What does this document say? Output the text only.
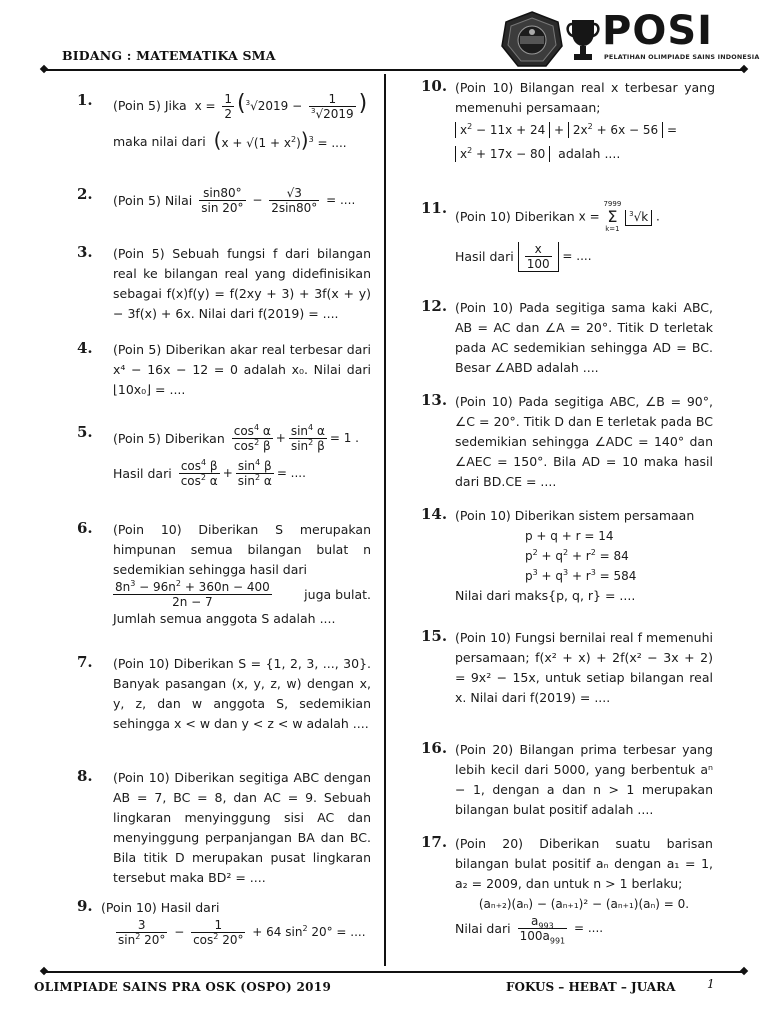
BIDANG : MATEMATIKA SMA
POSI
PELATIHAN OLIMPIADE SAINS INDONESIA
1. (Poin 5)
Jika
$x = \frac{1}{2} (^3√2019 - \frac{1}{^3√2019}$ )
maka nilai dari
$(x + √(1 + x^2))^3$ = ....
2. (Poin 5)
Nilai
$\frac{\sin 80^\circ}{\sin 20^\circ} - \frac{√3}{2\sin 80^\circ}$ = ....
3. (Poin 5) Sebuah fungsi f dari bilangan real ke bilangan real yang didefinisikan sebagai f(x)f(y) = f(2xy + 3) + 3f(x + y) − 3f(x) + 6x. Nilai dari f(2019) = ....
4. (Poin 5) Diberikan akar real terbesar dari x⁴ − 16x − 12 = 0 adalah x₀. Nilai dari ⌊10x₀⌋ = ....
5. (Poin 5)
Diberikan
$\frac{\cos^4 \alpha}{\cos^2 \beta} + \frac{\sin^4 \alpha}{\sin^2 \beta} = 1$ .
Hasil dari
$\frac{\cos^4 \beta}{\cos^2 \alpha} + \frac{\sin^4 \beta}{\sin^2 \alpha}$ = ....
6. (Poin 10) Diberikan S merupakan himpunan semua bilangan bulat n sedemikian sehingga hasil dari
$\frac{8n^3 - 96n^2 + 360n - 400}{2n - 7}$	juga bulat.
Jumlah semua anggota S adalah ....
7. (Poin 10) Diberikan S = {1, 2, 3, ..., 30}. Banyak pasangan (x, y, z, w) dengan x, y, z, dan w anggota S, sedemikian sehingga x < w dan y < z < w adalah ....
8. (Poin 10) Diberikan segitiga ABC dengan AB = 7, BC = 8, dan AC = 9. Sebuah lingkaran menyinggung sisi AC dan menyinggung perpanjangan BA dan BC. Bila titik D merupakan pusat lingkaran tersebut maka BD² = ....
9. (Poin 10) Hasil dari
$\frac{3}{\sin^2 20^\circ} - \frac{1}{\cos^2 20^\circ} + 64$ $\sin^2 20^\circ$ = ....
10. (Poin 10) Bilangan real x terbesar yang memenuhi persamaan;
$x^2 - 11x + 24 + 2x^2 + 6x - 56$ =
$x^2 + 17x - 80$ adalah ....
11. (Poin 10) Diberikan
x =
7999
Σ
k=1
$^3$√k .
Hasil dari
$\frac{x}{100}$ = ....
12. (Poin 10) Pada segitiga sama kaki ABC, AB = AC dan ∠A = 20°. Titik D terletak pada AC sedemikian sehingga AD = BC. Besar ∠ABD adalah ....
13. (Poin 10) Pada segitiga ABC, ∠B = 90°, ∠C = 20°. Titik D dan E terletak pada BC sedemikian sehingga ∠ADC = 140° dan ∠AEC = 150°. Bila AD = 10 maka hasil dari BD.CE = ....
14. (Poin 10) Diberikan sistem persamaan
p + q + r = 14
$p^2 + q^2 + r^2 = 84$
$p^3 + q^3 + r^3 = 584$
Nilai dari maks{p, q, r} = ....
15. (Poin 10) Fungsi bernilai real f memenuhi persamaan; f(x² + x) + 2f(x² − 3x + 2) = 9x² − 15x, untuk setiap bilangan real x. Nilai dari f(2019) = ....
16. (Poin 20) Bilangan prima terbesar yang lebih kecil dari 5000, yang berbentuk aⁿ − 1, dengan a dan n > 1 merupakan bilangan bulat positif adalah ....
17. (Poin 20) Diberikan suatu barisan bilangan bulat positif aₙ dengan a₁ = 1, a₂ = 2009, dan untuk n > 1 berlaku;
(aₙ₊₂)(aₙ) − (aₙ₊₁)² − (aₙ₊₁)(aₙ) = 0.
Nilai dari
$\frac{a_{993}}{100a_{991}}$ = ....
OLIMPIADE SAINS PRA OSK (OSPO) 2019	FOKUS – HEBAT – JUARA	1
